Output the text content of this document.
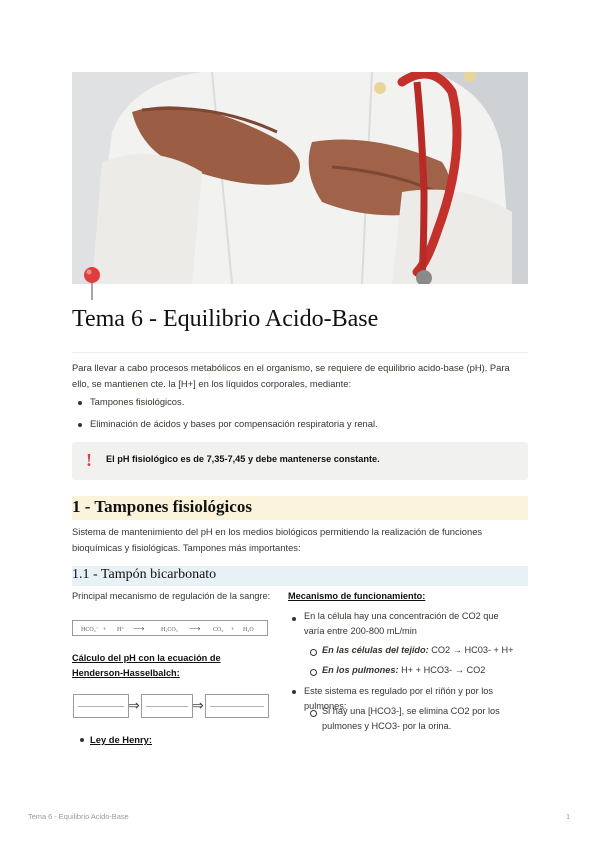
Tema 6 - Equilibrio Acido-Base

Para llevar a cabo procesos metabólicos en el organismo, se requiere de equilibrio acido-base (pH). Para ello, se mantienen cte. la [H+] en los líquidos corporales, mediante:

Tampones fisiológicos.
Eliminación de ácidos y bases por compensación respiratoria y renal.
! El pH fisiológico es de 7,35-7,45 y debe mantenerse constante.
1 - Tampones fisiológicos

Sistema de mantenimiento del pH en los medios biológicos permitiendo la realización de funciones bioquímicas y fisiológicas. Tampones más importantes:

1.1 - Tampón bicarbonato
Principal mecanismo de regulación de la sangre:
HCO₃⁻ + H⁺ ⟶	H₂CO₃ ⟶ CO₂ + H₂O
Cálculo del pH con la ecuación de Henderson-Hasselbalch:
⇒	⇒
Ley de Henry:
Mecanismo de funcionamiento:
En la célula hay una concentración de CO2 que varía entre 200-800 mL/min
En las células del tejido: CO2 → HC03- + H+
En los pulmones: H+ + HCO3- → CO2
Este sistema es regulado por el riñón y por los pulmones:
Si hay una [HCO3-], se elimina CO2 por los pulmones y HCO3- por la orina.
Tema 6 - Equilibrio Acido-Base	1
